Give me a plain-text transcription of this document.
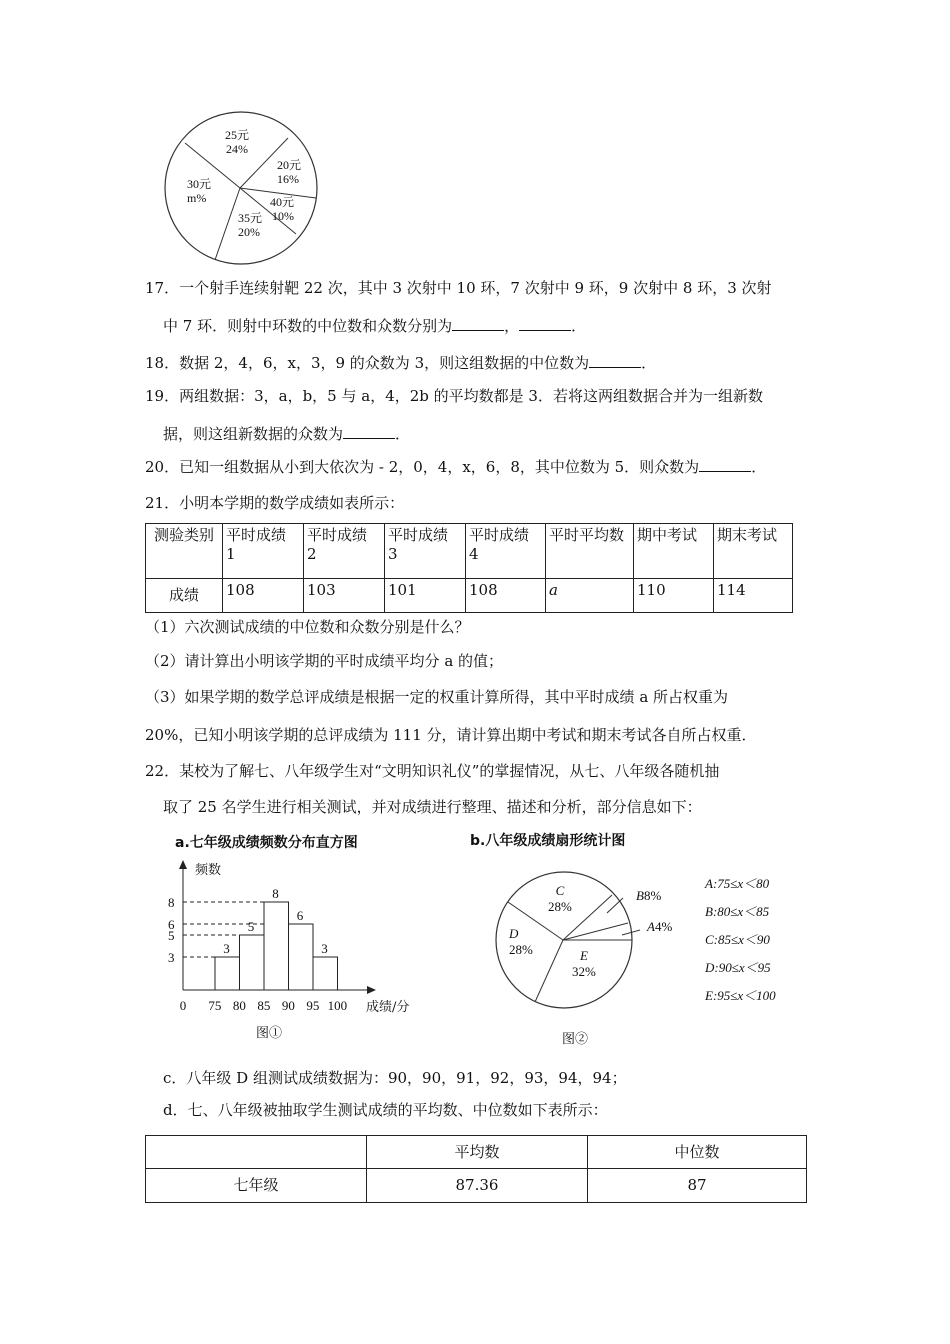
25元
24%
20元
16%
40元
10%
35元
20%
30元
m%
17．一个射手连续射靶 22 次，其中 3 次射中 10 环，7 次射中 9 环，9 次射中 8 环，3 次射
中 7 环．则射中环数的中位数和众数分别为	，	．
18．数据 2，4，6，x，3，9 的众数为 3，则这组数据的中位数为	．
19．两组数据：3，a，b，5 与 a，4，2b 的平均数都是 3．若将这两组数据合并为一组新数
据，则这组新数据的众数为	．
20．已知一组数据从小到大依次为 - 2，0，4，x，6，8，其中位数为 5．则众数为	．
21．小明本学期的数学成绩如表所示：
测验类别	平时成绩 1	平时成绩 2	平时成绩 3	平时成绩 4	平时平均数	期中考试	期末考试
成绩	108	103	101	108	a	110	114
（1）六次测试成绩的中位数和众数分别是什么？
（2）请计算出小明该学期的平时成绩平均分 a 的值；
（3）如果学期的数学总评成绩是根据一定的权重计算所得，其中平时成绩 a 所占权重为
20%，已知小明该学期的总评成绩为 111 分，请计算出期中考试和期末考试各自所占权重．
22．某校为了解七、八年级学生对“文明知识礼仪”的掌握情况，从七、八年级各随机抽
取了 25 名学生进行相关测试，并对成绩进行整理、描述和分析，部分信息如下：
a.七年级成绩频数分布直方图
频数
成绩/分
图①
3
5
8
6
3
3
5
6
8
0 75 80 85 90 95 100
b.八年级成绩扇形统计图
C
28%
D
28%	E
32%
B8%
A4%
A:75≤x＜80
B:80≤x＜85
C:85≤x＜90
D:90≤x＜95
E:95≤x＜100
图②
c．八年级 D 组测试成绩数据为：90，90，91，92，93，94，94；
d．七、八年级被抽取学生测试成绩的平均数、中位数如下表所示：
	平均数	中位数
七年级	87.36	87
